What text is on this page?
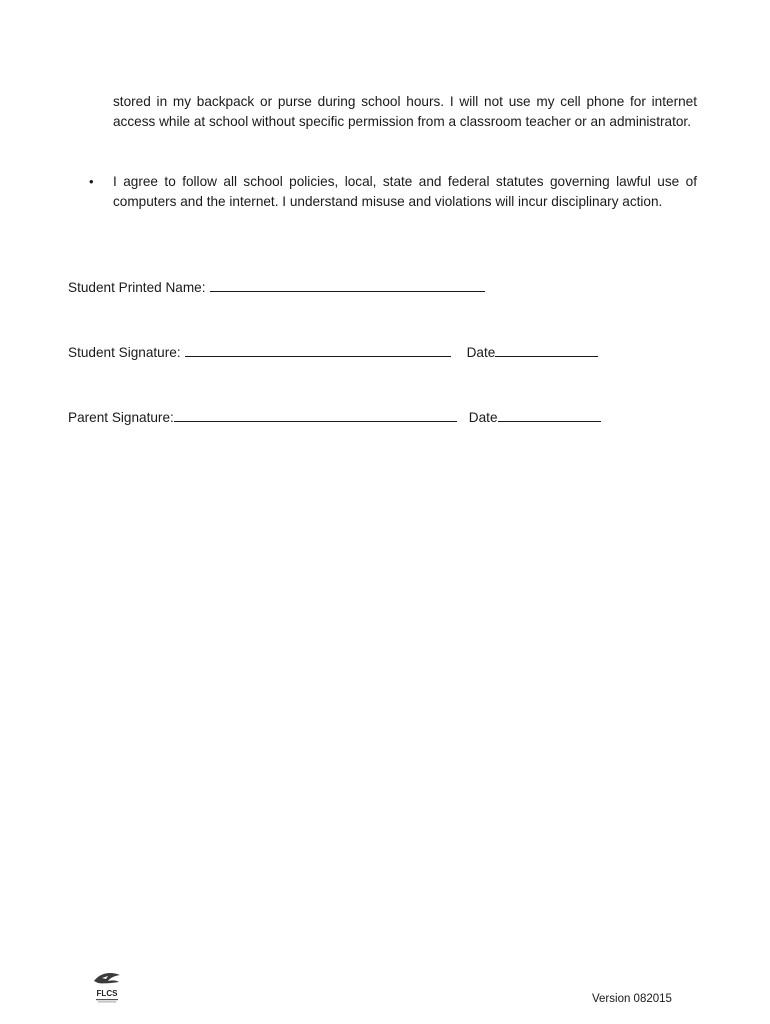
stored in my backpack or purse during school hours. I will not use my cell phone for internet access while at school without specific permission from a classroom teacher or an administrator.
• I agree to follow all school policies, local, state and federal statutes governing lawful use of computers and the internet. I understand misuse and violations will incur disciplinary action.
Student Printed Name:
Student Signature:	Date
Parent Signature:	Date
FLCS	Version 082015
